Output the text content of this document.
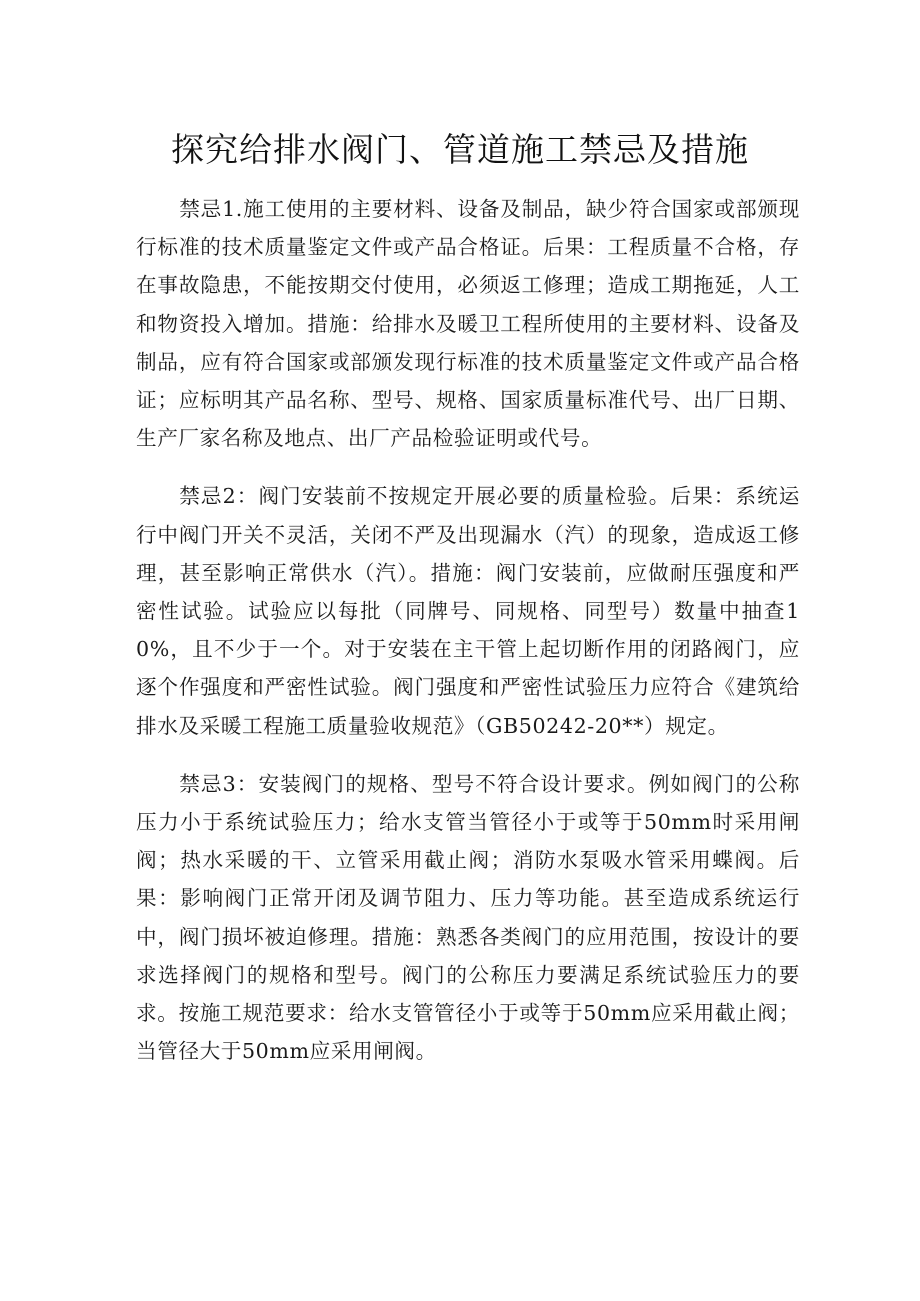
探究给排水阀门、管道施工禁忌及措施

禁忌1.施工使用的主要材料、设备及制品，缺少符合国家或部颁现行标准的技术质量鉴定文件或产品合格证。后果：工程质量不合格，存在事故隐患，不能按期交付使用，必须返工修理；造成工期拖延，人工和物资投入增加。措施：给排水及暖卫工程所使用的主要材料、设备及制品，应有符合国家或部颁发现行标准的技术质量鉴定文件或产品合格证；应标明其产品名称、型号、规格、国家质量标准代号、出厂日期、生产厂家名称及地点、出厂产品检验证明或代号。

禁忌2：阀门安装前不按规定开展必要的质量检验。后果：系统运行中阀门开关不灵活，关闭不严及出现漏水（汽）的现象，造成返工修理，甚至影响正常供水（汽）。措施：阀门安装前，应做耐压强度和严密性试验。试验应以每批（同牌号、同规格、同型号）数量中抽查10%，且不少于一个。对于安装在主干管上起切断作用的闭路阀门，应逐个作强度和严密性试验。阀门强度和严密性试验压力应符合《建筑给排水及采暖工程施工质量验收规范》（GB50242-20**）规定。

禁忌3：安装阀门的规格、型号不符合设计要求。例如阀门的公称压力小于系统试验压力；给水支管当管径小于或等于50mm时采用闸阀；热水采暖的干、立管采用截止阀；消防水泵吸水管采用蝶阀。后果：影响阀门正常开闭及调节阻力、压力等功能。甚至造成系统运行中，阀门损坏被迫修理。措施：熟悉各类阀门的应用范围，按设计的要求选择阀门的规格和型号。阀门的公称压力要满足系统试验压力的要求。按施工规范要求：给水支管管径小于或等于50mm应采用截止阀；当管径大于50mm应采用闸阀。
